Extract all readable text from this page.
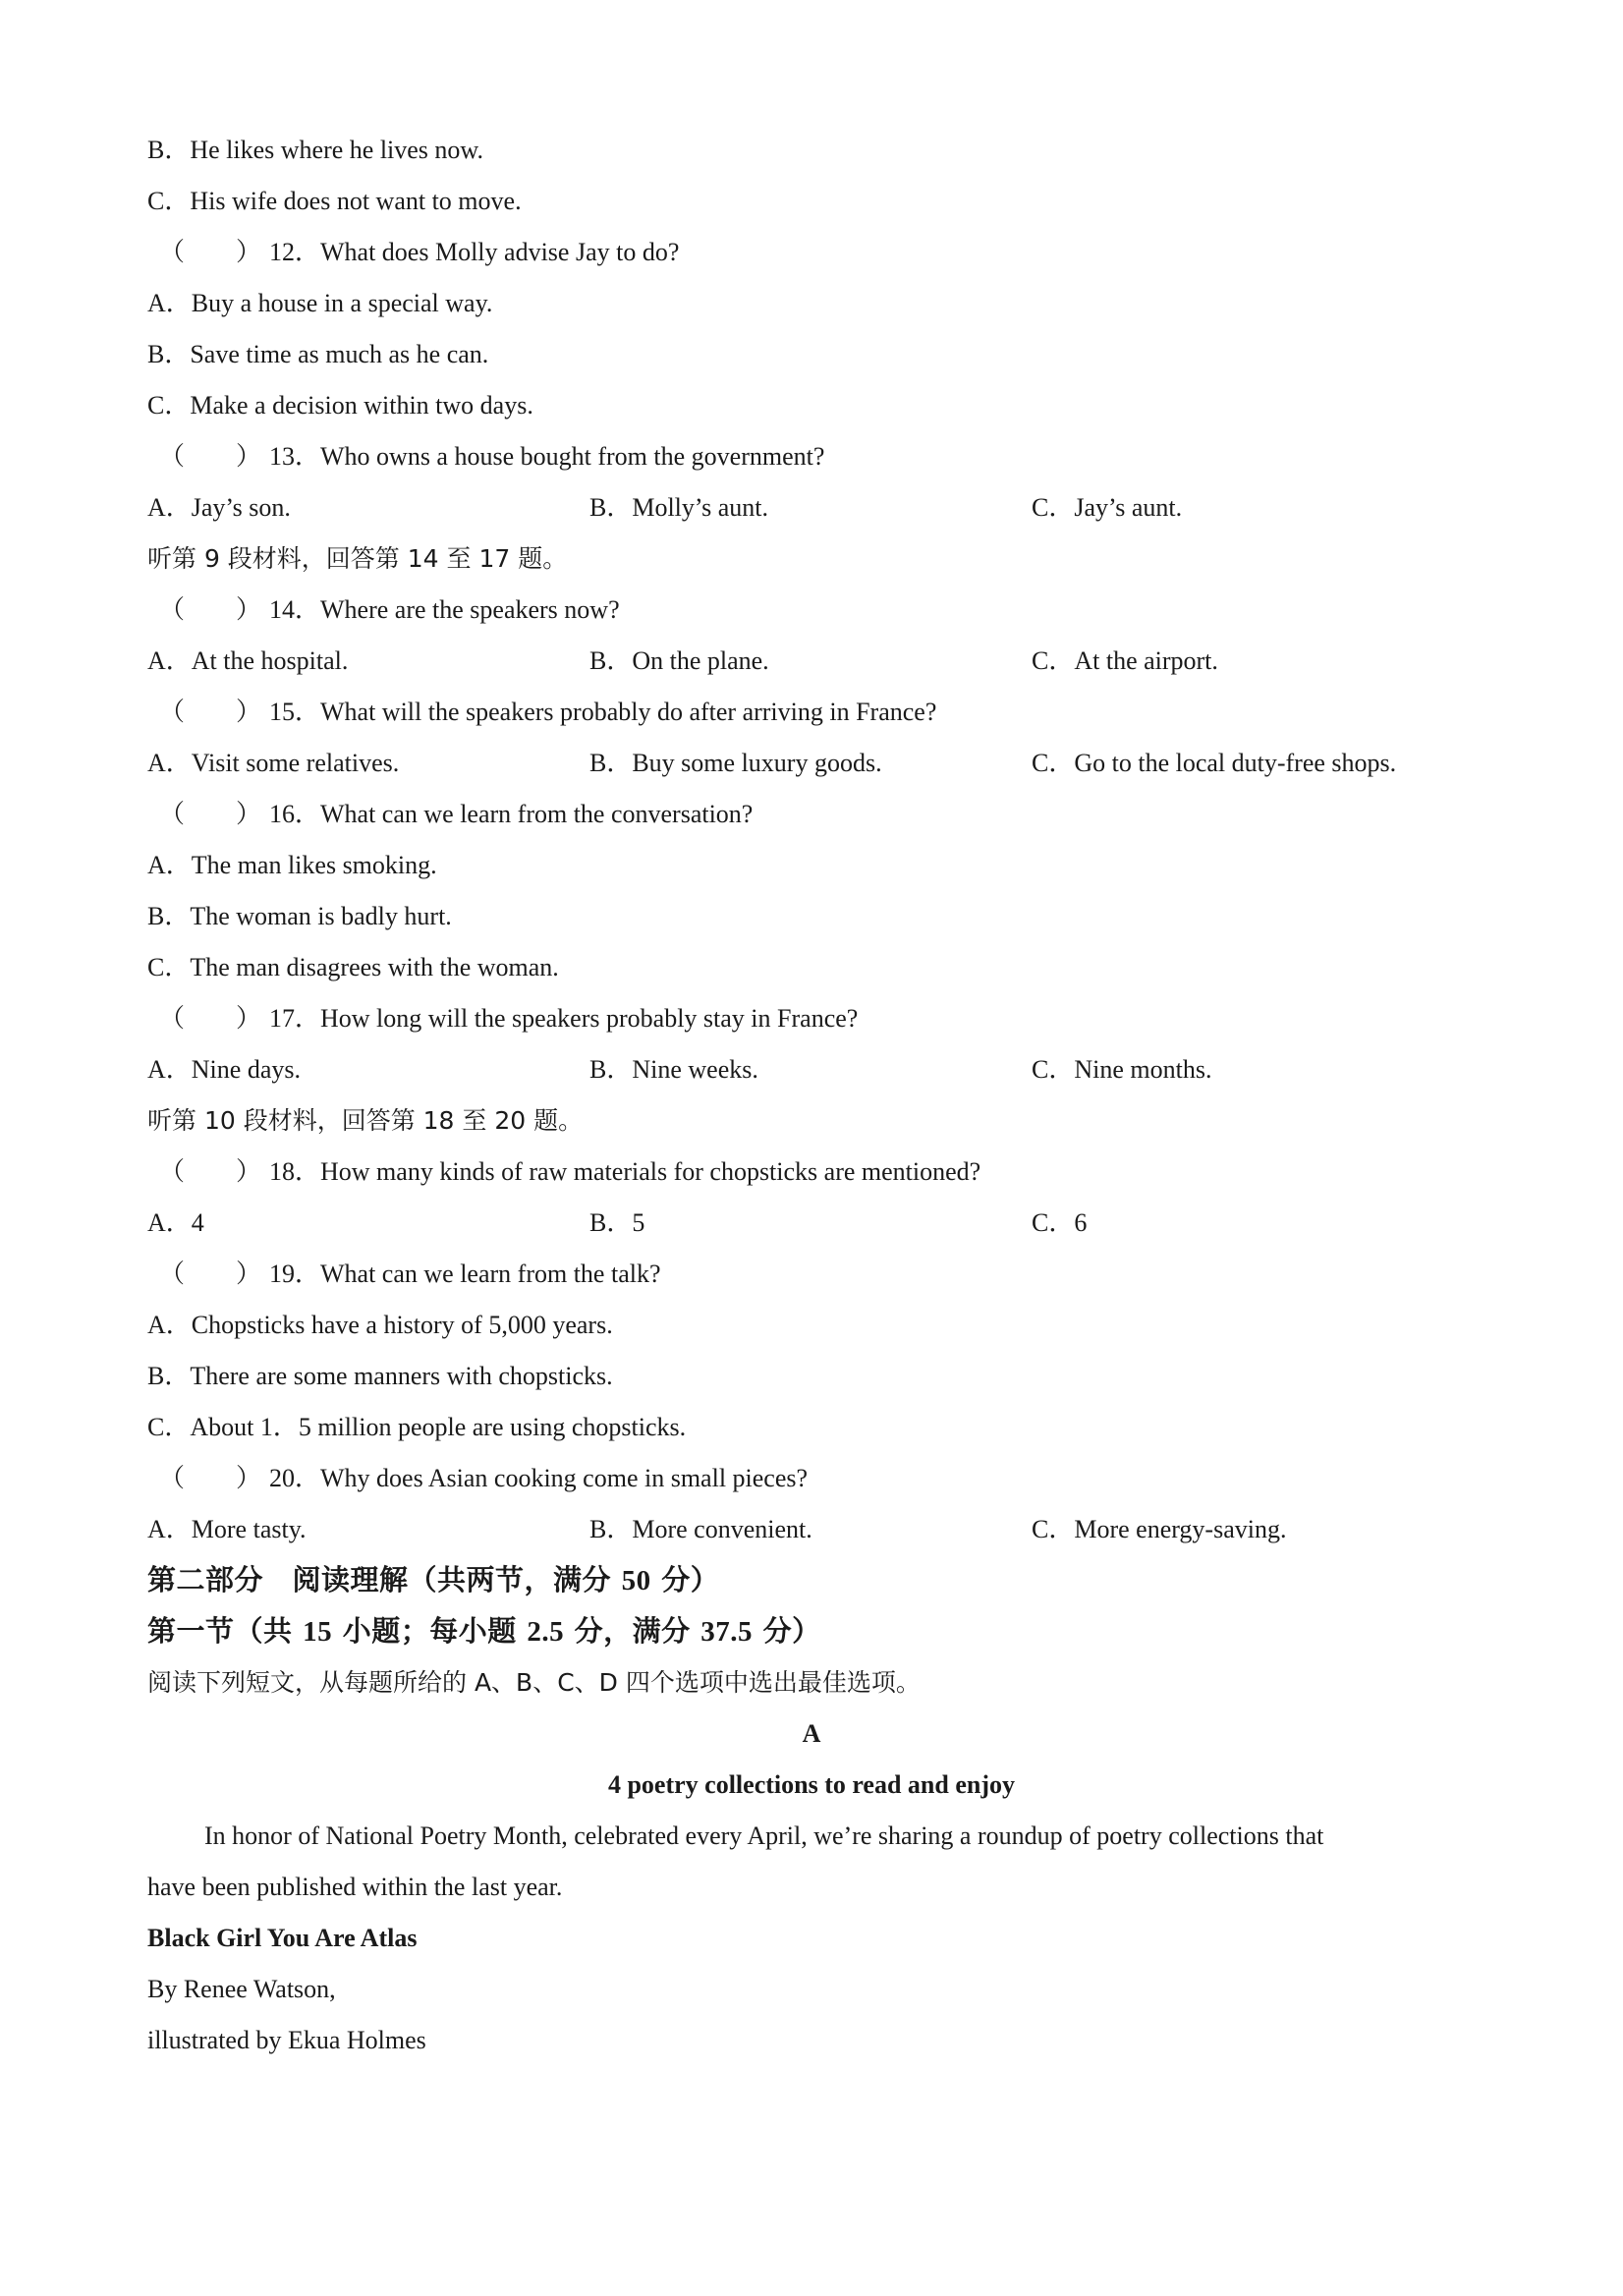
B．He likes where he lives now.
C．His wife does not want to move.
（　　） 12．What does Molly advise Jay to do?
A．Buy a house in a special way.
B．Save time as much as he can.
C．Make a decision within two days.
（　　） 13．Who owns a house bought from the government?
A．Jay’s son.	B．Molly’s aunt.	C．Jay’s aunt.
听第 9 段材料，回答第 14 至 17 题。
（　　） 14．Where are the speakers now?
A．At the hospital.	B．On the plane.	C．At the airport.
（　　） 15．What will the speakers probably do after arriving in France?
A．Visit some relatives.	B．Buy some luxury goods.	C．Go to the local duty-free shops.
（　　） 16．What can we learn from the conversation?
A．The man likes smoking.
B．The woman is badly hurt.
C．The man disagrees with the woman.
（　　） 17．How long will the speakers probably stay in France?
A．Nine days.	B．Nine weeks.	C．Nine months.
听第 10 段材料，回答第 18 至 20 题。
（　　） 18．How many kinds of raw materials for chopsticks are mentioned?
A．4	B．5	C．6
（　　） 19．What can we learn from the talk?
A．Chopsticks have a history of 5,000 years.
B．There are some manners with chopsticks.
C．About 1．5 million people are using chopsticks.
（　　） 20．Why does Asian cooking come in small pieces?
A．More tasty.	B．More convenient.	C．More energy-saving.
第二部分　阅读理解（共两节，满分 50 分）
第一节（共 15 小题；每小题 2.5 分，满分 37.5 分）
阅读下列短文，从每题所给的 A、B、C、D 四个选项中选出最佳选项。
A
4 poetry collections to read and enjoy
In honor of National Poetry Month, celebrated every April, we’re sharing a roundup of poetry collections that
have been published within the last year.
Black Girl You Are Atlas
By Renee Watson,
illustrated by Ekua Holmes
